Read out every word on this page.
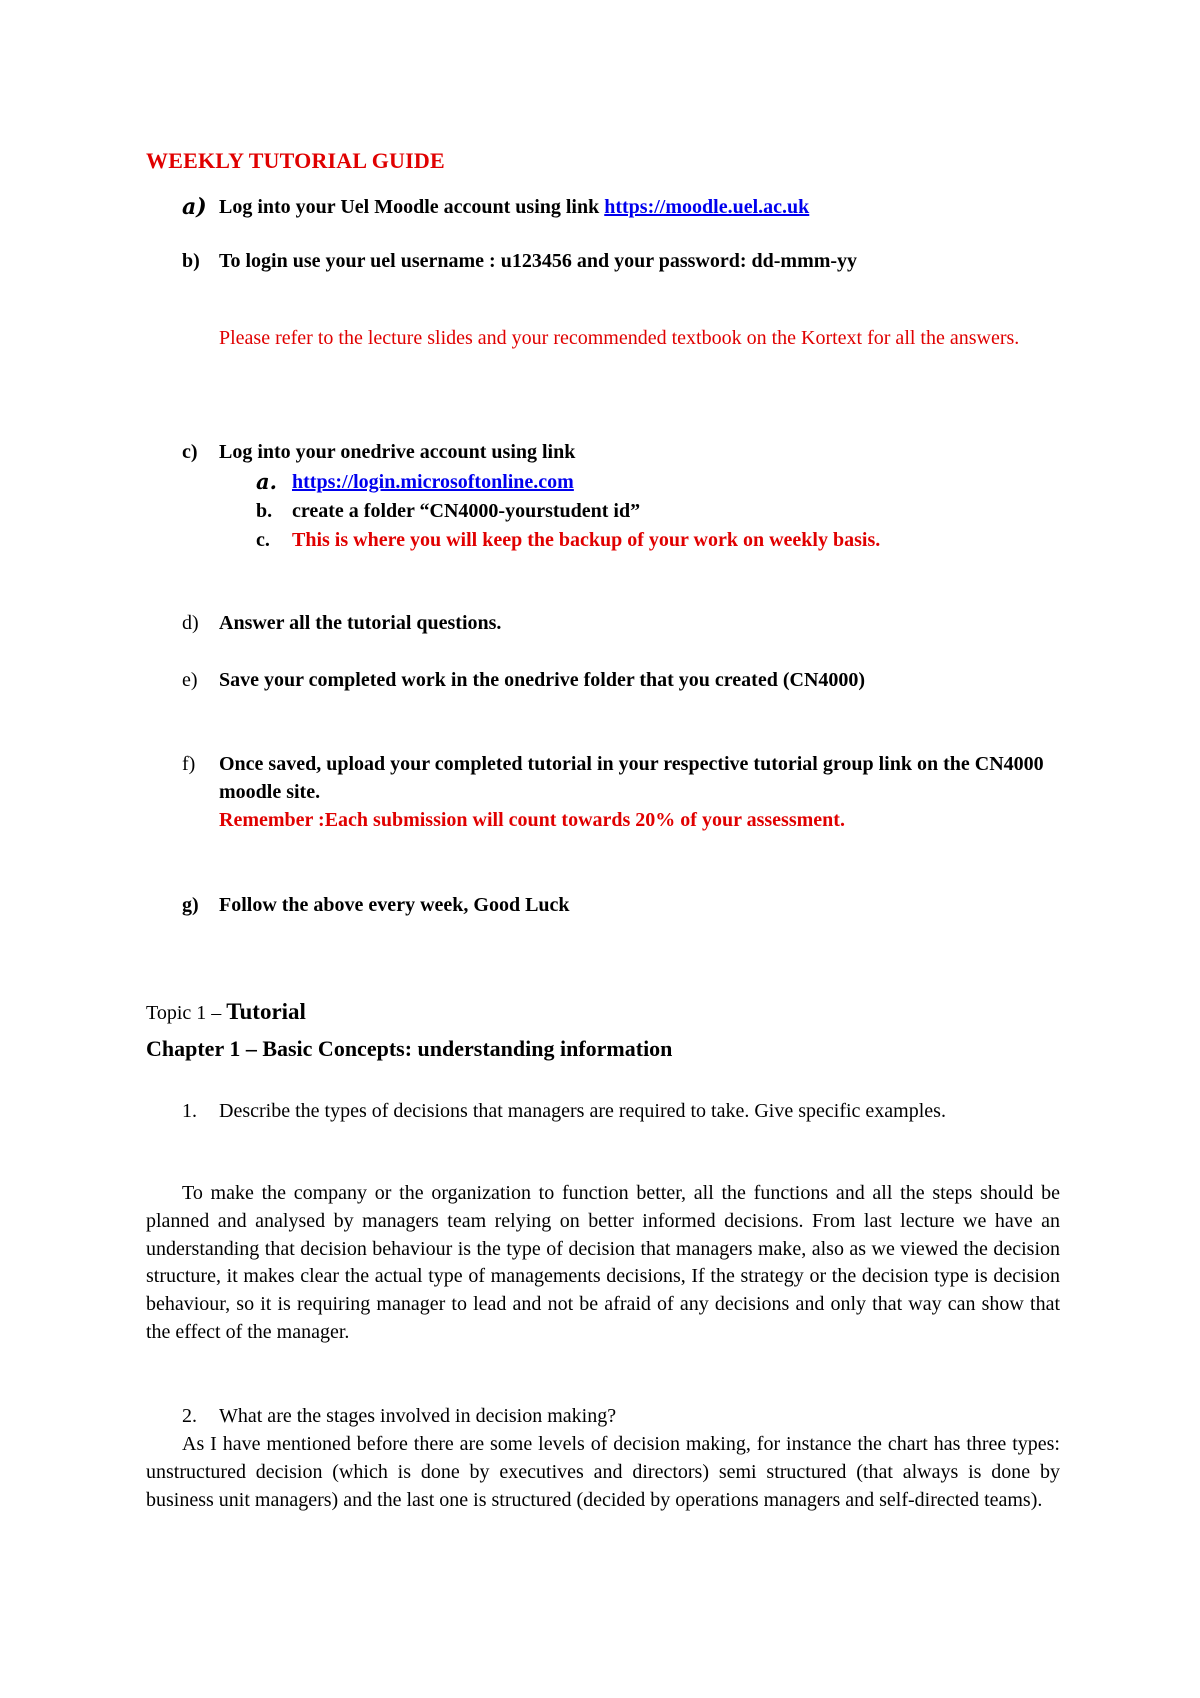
WEEKLY TUTORIAL GUIDE
a) Log into your Uel Moodle account using link https://moodle.uel.ac.uk
b) To login use your uel username : u123456 and your password: dd-mmm-yy
Please refer to the lecture slides and your recommended textbook on the Kortext for all the answers.
c) Log into your onedrive account using link
a. https://login.microsoftonline.com
b. create a folder “CN4000-yourstudent id”
c. This is where you will keep the backup of your work on weekly basis.
d) Answer all the tutorial questions.
e) Save your completed work in the onedrive folder that you created (CN4000)
f) Once saved, upload your completed tutorial in your respective tutorial group link on the CN4000 moodle site.
Remember :Each submission will count towards 20% of your assessment.
g) Follow the above every week, Good Luck
Topic 1 – Tutorial
Chapter 1 – Basic Concepts: understanding information
1. Describe the types of decisions that managers are required to take. Give specific examples.
To make the company or the organization to function better, all the functions and all the steps should be planned and analysed by managers team relying on better informed decisions. From last lecture we have an understanding that decision behaviour is the type of decision that managers make, also as we viewed the decision structure, it makes clear the actual type of managements decisions, If the strategy or the decision type is decision behaviour, so it is requiring manager to lead and not be afraid of any decisions and only that way can show that the effect of the manager.
2. What are the stages involved in decision making?
As I have mentioned before there are some levels of decision making, for instance the chart has three types: unstructured decision (which is done by executives and directors) semi structured (that always is done by business unit managers) and the last one is structured (decided by operations managers and self-directed teams).
